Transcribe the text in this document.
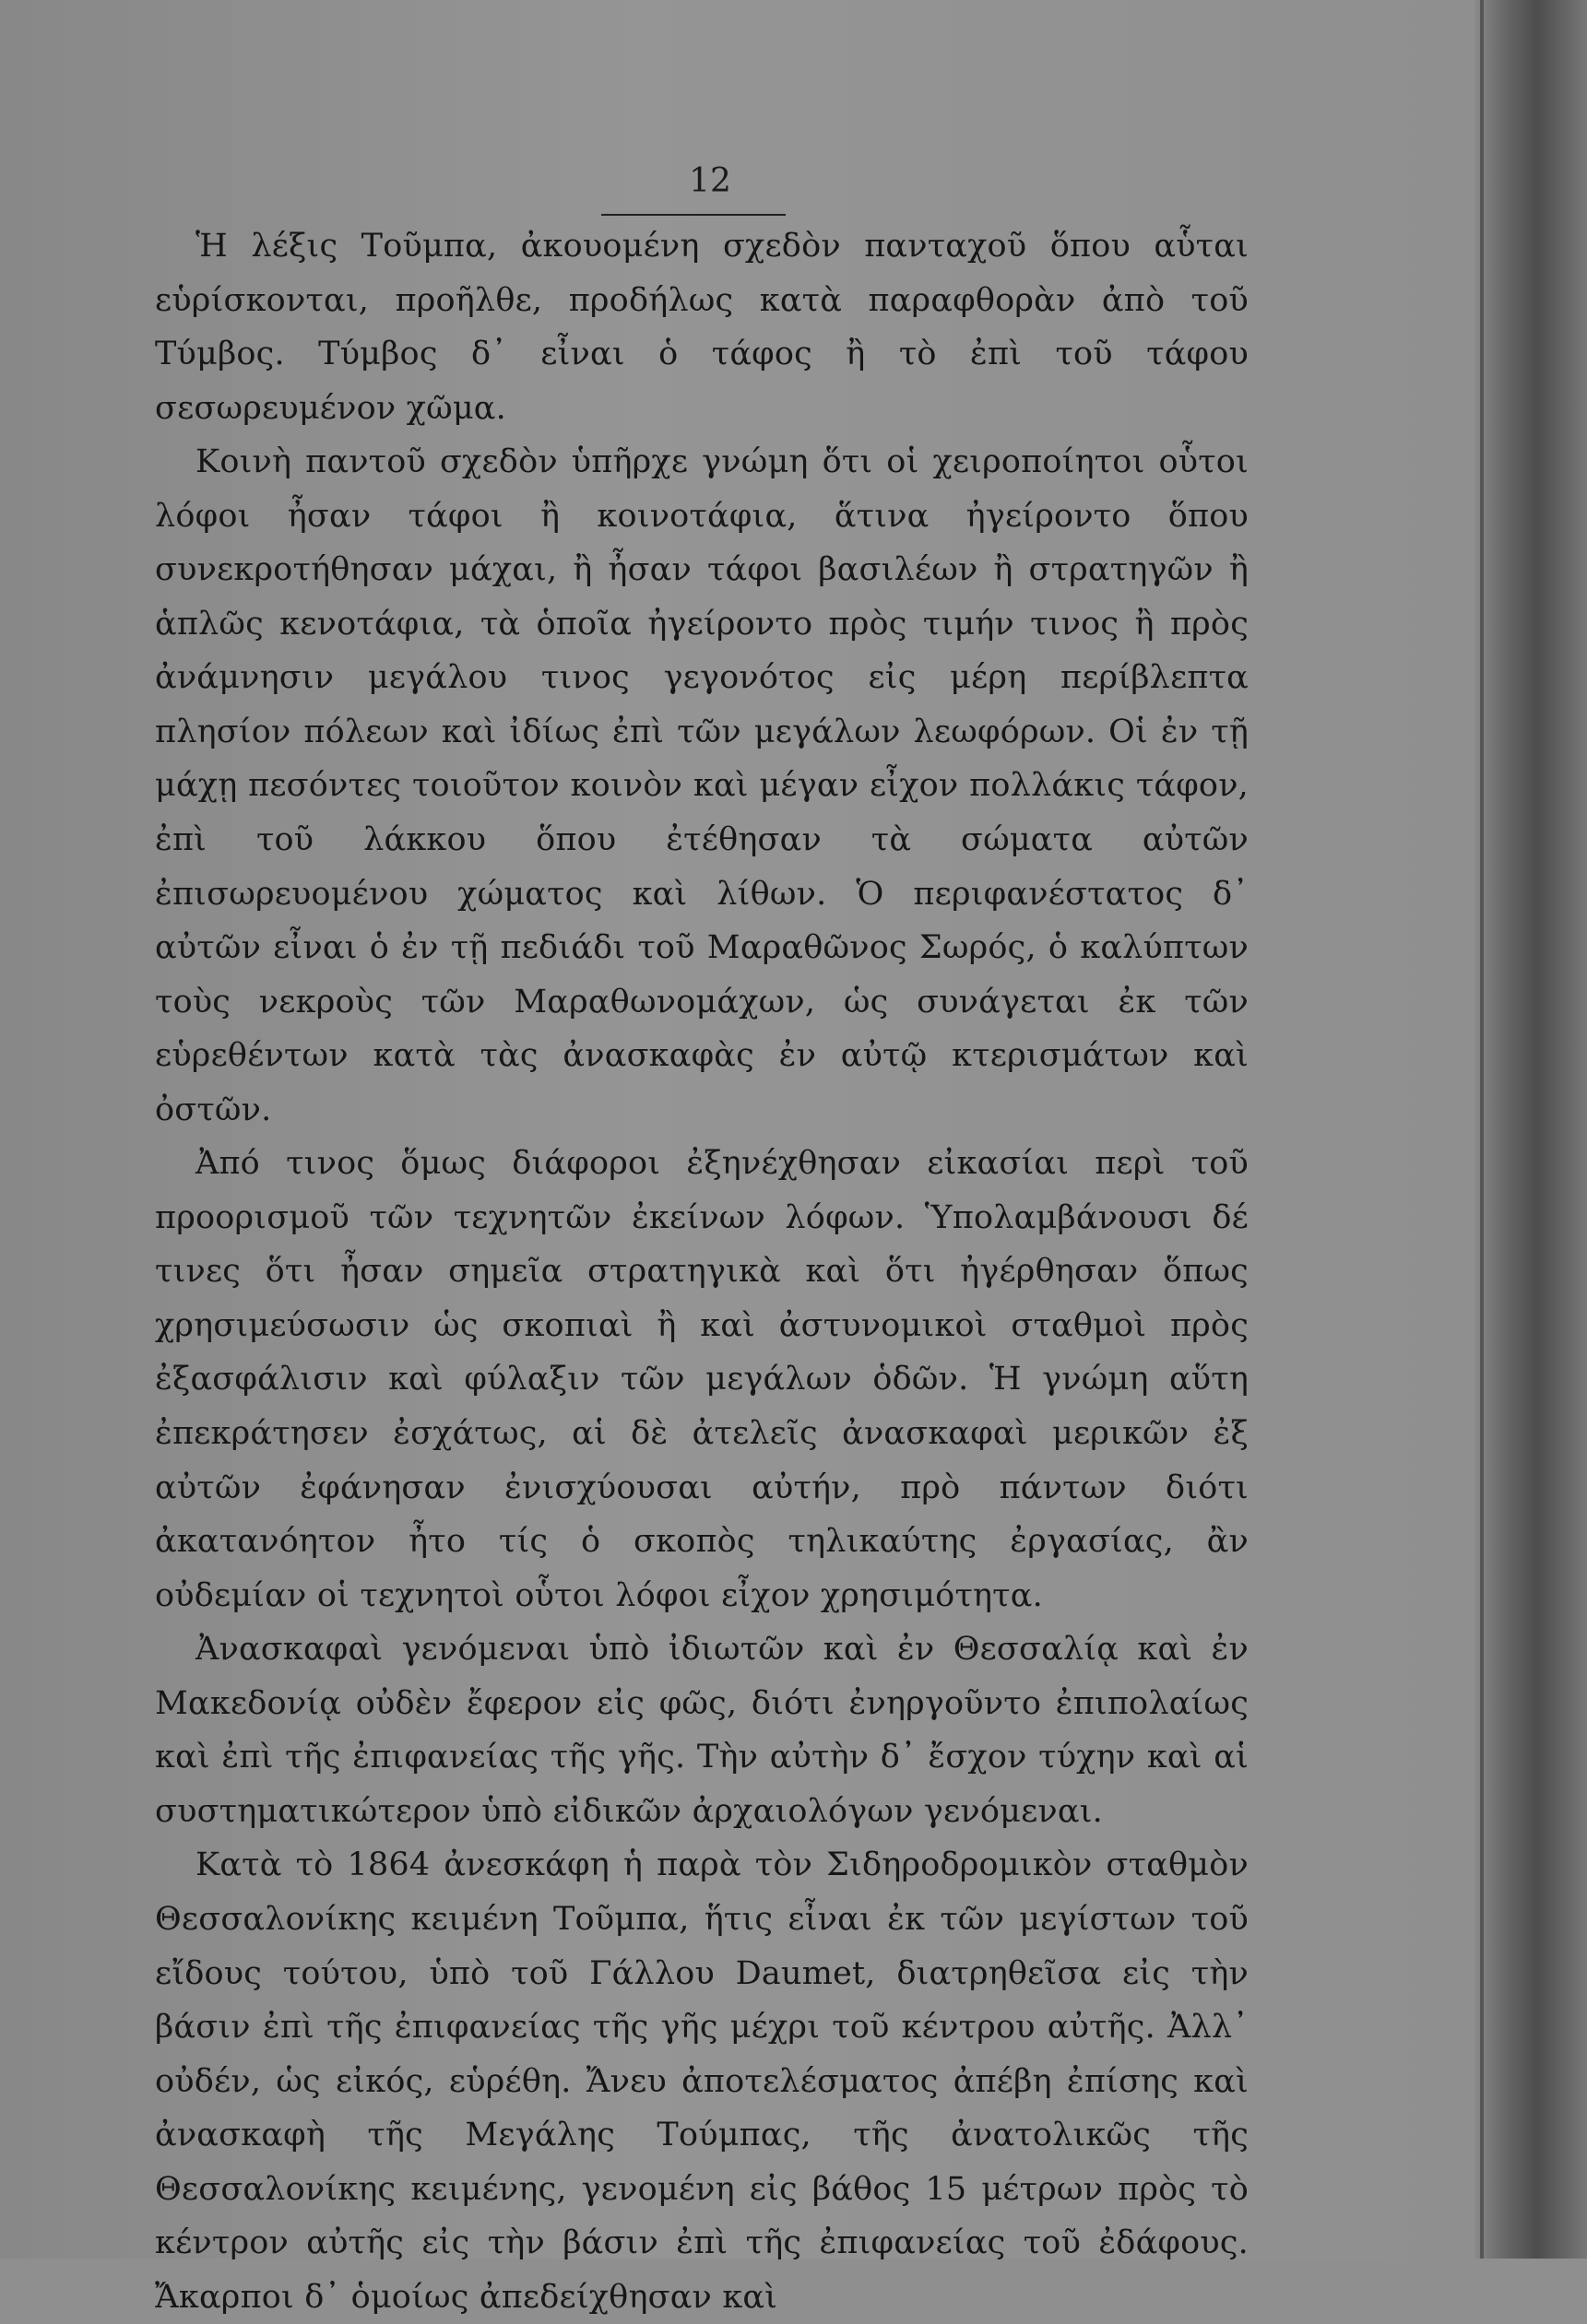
12

Ἡ λέξις Τοῦμπα, ἀκουομένη σχεδὸν πανταχοῦ ὅπου αὗται εὑρίσκονται, προῆλθε, προδήλως κατὰ παραφθορὰν ἀπὸ τοῦ Τύμβος. Τύμβος δ᾽ εἶναι ὁ τάφος ἢ τὸ ἐπὶ τοῦ τάφου σεσωρευμένον χῶμα.

Κοινὴ παντοῦ σχεδὸν ὑπῆρχε γνώμη ὅτι οἱ χειροποίητοι οὗτοι λόφοι ἦσαν τάφοι ἢ κοινοτάφια, ἅτινα ἠγείροντο ὅπου συνεκροτήθησαν μάχαι, ἢ ἦσαν τάφοι βασιλέων ἢ στρατηγῶν ἢ ἁπλῶς κενοτάφια, τὰ ὁποῖα ἠγείροντο πρὸς τιμήν τινος ἢ πρὸς ἀνάμνησιν μεγάλου τινος γεγονότος εἰς μέρη περίβλεπτα πλησίον πόλεων καὶ ἰδίως ἐπὶ τῶν μεγάλων λεωφόρων. Οἱ ἐν τῇ μάχῃ πεσόντες τοιοῦτον κοινὸν καὶ μέγαν εἶχον πολλάκις τάφον, ἐπὶ τοῦ λάκκου ὅπου ἐτέθησαν τὰ σώματα αὐτῶν ἐπισωρευομένου χώματος καὶ λίθων. Ὁ περιφανέστατος δ᾽ αὐτῶν εἶναι ὁ ἐν τῇ πεδιάδι τοῦ Μαραθῶνος Σωρός, ὁ καλύπτων τοὺς νεκροὺς τῶν Μαραθωνομάχων, ὡς συνάγεται ἐκ τῶν εὑρεθέντων κατὰ τὰς ἀνασκαφὰς ἐν αὐτῷ κτερισμάτων καὶ ὀστῶν.

Ἀπό τινος ὅμως διάφοροι ἐξηνέχθησαν εἰκασίαι περὶ τοῦ προορισμοῦ τῶν τεχνητῶν ἐκείνων λόφων. Ὑπολαμβάνουσι δέ τινες ὅτι ἦσαν σημεῖα στρατηγικὰ καὶ ὅτι ἠγέρθησαν ὅπως χρησιμεύσωσιν ὡς σκοπιαὶ ἢ καὶ ἀστυνομικοὶ σταθμοὶ πρὸς ἐξασφάλισιν καὶ φύλαξιν τῶν μεγάλων ὁδῶν. Ἡ γνώμη αὕτη ἐπεκράτησεν ἐσχάτως, αἱ δὲ ἀτελεῖς ἀνασκαφαὶ μερικῶν ἐξ αὐτῶν ἐφάνησαν ἐνισχύουσαι αὐτήν, πρὸ πάντων διότι ἀκατανόητον ἦτο τίς ὁ σκοπὸς τηλικαύτης ἐργασίας, ἂν οὐδεμίαν οἱ τεχνητοὶ οὗτοι λόφοι εἶχον χρησιμότητα.

Ἀνασκαφαὶ γενόμεναι ὑπὸ ἰδιωτῶν καὶ ἐν Θεσσαλίᾳ καὶ ἐν Μακεδονίᾳ οὐδὲν ἔφερον εἰς φῶς, διότι ἐνηργοῦντο ἐπιπολαίως καὶ ἐπὶ τῆς ἐπιφανείας τῆς γῆς. Τὴν αὐτὴν δ᾽ ἔσχον τύχην καὶ αἱ συστηματικώτερον ὑπὸ εἰδικῶν ἀρχαιολόγων γενόμεναι.

Κατὰ τὸ 1864 ἀνεσκάφη ἡ παρὰ τὸν Σιδηροδρομικὸν σταθμὸν Θεσσαλονίκης κειμένη Τοῦμπα, ἥτις εἶναι ἐκ τῶν μεγίστων τοῦ εἴδους τούτου, ὑπὸ τοῦ Γάλλου Daumet, διατρηθεῖσα εἰς τὴν βάσιν ἐπὶ τῆς ἐπιφανείας τῆς γῆς μέχρι τοῦ κέντρου αὐτῆς. Ἀλλ᾽ οὐδέν, ὡς εἰκός, εὑρέθη. Ἄνευ ἀποτελέσματος ἀπέβη ἐπίσης καὶ ἀνασκαφὴ τῆς Μεγάλης Τούμπας, τῆς ἀνατολικῶς τῆς Θεσσαλονίκης κειμένης, γενομένη εἰς βάθος 15 μέτρων πρὸς τὸ κέντρον αὐτῆς εἰς τὴν βάσιν ἐπὶ τῆς ἐπιφανείας τοῦ ἐδάφους. Ἄκαρποι δ᾽ ὁμοίως ἀπεδείχθησαν καὶ
